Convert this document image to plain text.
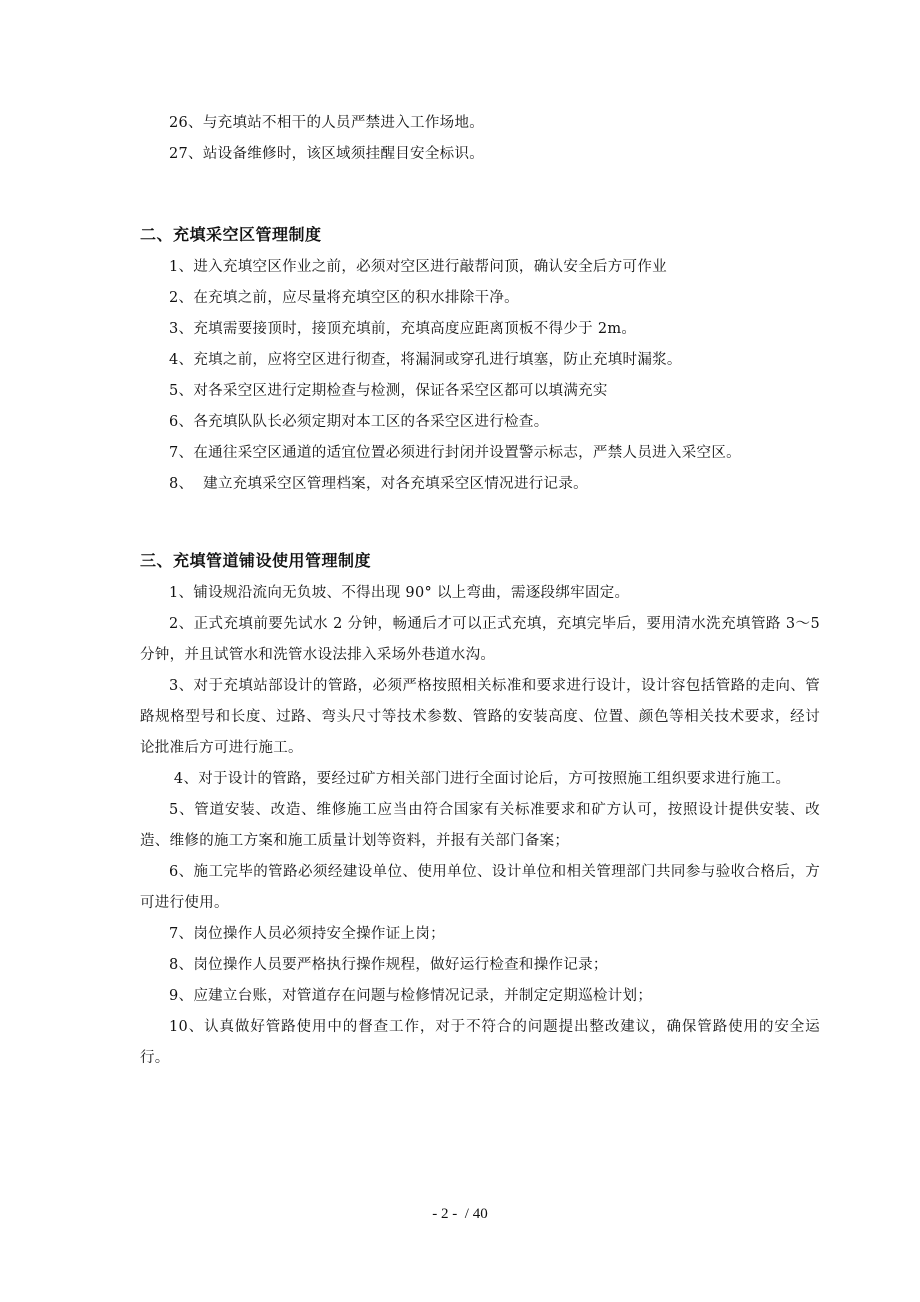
26、与充填站不相干的人员严禁进入工作场地。

27、站设备维修时，该区域须挂醒目安全标识。

二、充填采空区管理制度

1、进入充填空区作业之前，必须对空区进行敲帮问顶，确认安全后方可作业

2、在充填之前，应尽量将充填空区的积水排除干净。

3、充填需要接顶时，接顶充填前，充填高度应距离顶板不得少于 2m。

4、充填之前，应将空区进行彻查，将漏洞或穿孔进行填塞，防止充填时漏浆。

5、对各采空区进行定期检查与检测，保证各采空区都可以填满充实

6、各充填队队长必须定期对本工区的各采空区进行检查。

7、在通往采空区通道的适宜位置必须进行封闭并设置警示标志，严禁人员进入采空区。

8、  建立充填采空区管理档案，对各充填采空区情况进行记录。

三、充填管道铺设使用管理制度

1、铺设规沿流向无负坡、不得出现 90° 以上弯曲，需逐段绑牢固定。

2、正式充填前要先试水 2 分钟，畅通后才可以正式充填，充填完毕后，要用清水洗充填管路 3～5 分钟，并且试管水和洗管水设法排入采场外巷道水沟。

3、对于充填站部设计的管路，必须严格按照相关标准和要求进行设计，设计容包括管路的走向、管路规格型号和长度、过路、弯头尺寸等技术参数、管路的安装高度、位置、颜色等相关技术要求，经讨论批准后方可进行施工。

4、对于设计的管路，要经过矿方相关部门进行全面讨论后，方可按照施工组织要求进行施工。

5、管道安装、改造、维修施工应当由符合国家有关标准要求和矿方认可，按照设计提供安装、改造、维修的施工方案和施工质量计划等资料，并报有关部门备案；

6、施工完毕的管路必须经建设单位、使用单位、设计单位和相关管理部门共同参与验收合格后，方可进行使用。

7、岗位操作人员必须持安全操作证上岗；

8、岗位操作人员要严格执行操作规程，做好运行检查和操作记录；

9、应建立台账，对管道存在问题与检修情况记录，并制定定期巡检计划；

10、认真做好管路使用中的督查工作，对于不符合的问题提出整改建议，确保管路使用的安全运行。

- 2 -  / 40
